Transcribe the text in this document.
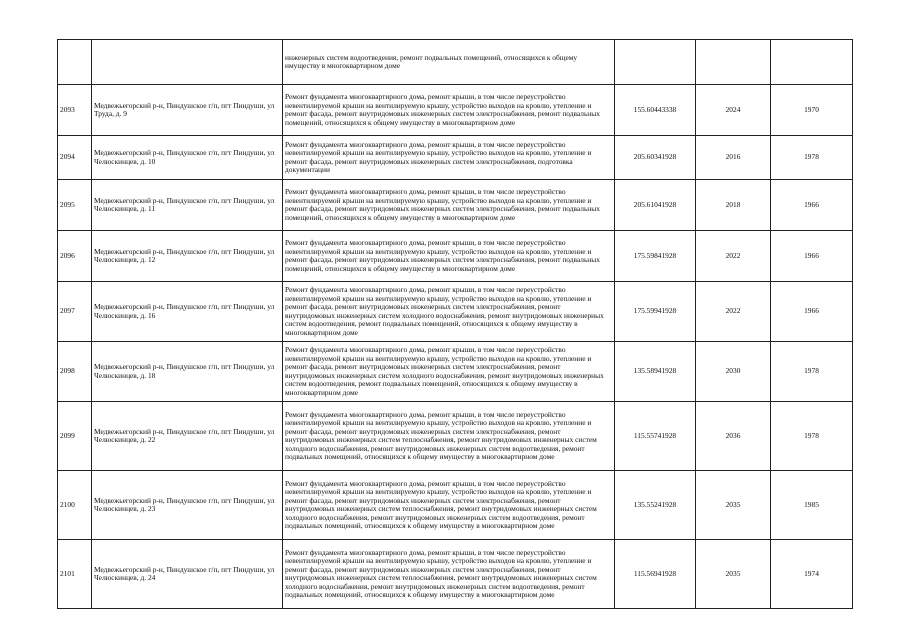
		инженерных систем водоотведения, ремонт подвальных помещений, относящихся к общему имуществу в многоквартирном доме			
2093	Медвежьегорский р-н, Пиндушское г/п, пгт Пиндуши, ул Труда, д. 9	Ремонт фундамента многоквартирного дома, ремонт крыши, в том числе переустройство невентилируемой крыши на вентилируемую крышу, устройство выходов на кровлю, утепление и ремонт фасада, ремонт внутридомовых инженерных систем электроснабжения, ремонт подвальных помещений, относящихся к общему имуществу в многоквартирном доме	155.60443338	2024	1970
2094	Медвежьегорский р-н, Пиндушское г/п, пгт Пиндуши, ул Челюскинцев, д. 10	Ремонт фундамента многоквартирного дома, ремонт крыши, в том числе переустройство невентилируемой крыши на вентилируемую крышу, устройство выходов на кровлю, утепление и ремонт фасада, ремонт внутридомовых инженерных систем электроснабжения, подготовка документации	205.60341928	2016	1978
2095	Медвежьегорский р-н, Пиндушское г/п, пгт Пиндуши, ул Челюскинцев, д. 11	Ремонт фундамента многоквартирного дома, ремонт крыши, в том числе переустройство невентилируемой крыши на вентилируемую крышу, устройство выходов на кровлю, утепление и ремонт фасада, ремонт внутридомовых инженерных систем электроснабжения, ремонт подвальных помещений, относящихся к общему имуществу в многоквартирном доме	205.61041928	2018	1966
2096	Медвежьегорский р-н, Пиндушское г/п, пгт Пиндуши, ул Челюскинцев, д. 12	Ремонт фундамента многоквартирного дома, ремонт крыши, в том числе переустройство невентилируемой крыши на вентилируемую крышу, устройство выходов на кровлю, утепление и ремонт фасада, ремонт внутридомовых инженерных систем электроснабжения, ремонт подвальных помещений, относящихся к общему имуществу в многоквартирном доме	175.59841928	2022	1966
2097	Медвежьегорский р-н, Пиндушское г/п, пгт Пиндуши, ул Челюскинцев, д. 16	Ремонт фундамента многоквартирного дома, ремонт крыши, в том числе переустройство невентилируемой крыши на вентилируемую крышу, устройство выходов на кровлю, утепление и ремонт фасада, ремонт внутридомовых инженерных систем электроснабжения, ремонт внутридомовых инженерных систем холодного водоснабжения, ремонт внутридомовых инженерных систем водоотведения, ремонт подвальных помещений, относящихся к общему имуществу в многоквартирном доме	175.59941928	2022	1966
2098	Медвежьегорский р-н, Пиндушское г/п, пгт Пиндуши, ул Челюскинцев, д. 18	Ремонт фундамента многоквартирного дома, ремонт крыши, в том числе переустройство невентилируемой крыши на вентилируемую крышу, устройство выходов на кровлю, утепление и ремонт фасада, ремонт внутридомовых инженерных систем электроснабжения, ремонт внутридомовых инженерных систем холодного водоснабжения, ремонт внутридомовых инженерных систем водоотведения, ремонт подвальных помещений, относящихся к общему имуществу в многоквартирном доме	135.58941928	2030	1978
2099	Медвежьегорский р-н, Пиндушское г/п, пгт Пиндуши, ул Челюскинцев, д. 22	Ремонт фундамента многоквартирного дома, ремонт крыши, в том числе переустройство невентилируемой крыши на вентилируемую крышу, устройство выходов на кровлю, утепление и ремонт фасада, ремонт внутридомовых инженерных систем электроснабжения, ремонт внутридомовых инженерных систем теплоснабжения, ремонт внутридомовых инженерных систем холодного водоснабжения, ремонт внутридомовых инженерных систем водоотведения, ремонт подвальных помещений, относящихся к общему имуществу в многоквартирном доме	115.55741928	2036	1978
2100	Медвежьегорский р-н, Пиндушское г/п, пгт Пиндуши, ул Челюскинцев, д. 23	Ремонт фундамента многоквартирного дома, ремонт крыши, в том числе переустройство невентилируемой крыши на вентилируемую крышу, устройство выходов на кровлю, утепление и ремонт фасада, ремонт внутридомовых инженерных систем электроснабжения, ремонт внутридомовых инженерных систем теплоснабжения, ремонт внутридомовых инженерных систем холодного водоснабжения, ремонт внутридомовых инженерных систем водоотведения, ремонт подвальных помещений, относящихся к общему имуществу в многоквартирном доме	135.55241928	2035	1985
2101	Медвежьегорский р-н, Пиндушское г/п, пгт Пиндуши, ул Челюскинцев, д. 24	Ремонт фундамента многоквартирного дома, ремонт крыши, в том числе переустройство невентилируемой крыши на вентилируемую крышу, устройство выходов на кровлю, утепление и ремонт фасада, ремонт внутридомовых инженерных систем электроснабжения, ремонт внутридомовых инженерных систем теплоснабжения, ремонт внутридомовых инженерных систем холодного водоснабжения, ремонт внутридомовых инженерных систем водоотведения, ремонт подвальных помещений, относящихся к общему имуществу в многоквартирном доме	115.56941928	2035	1974
